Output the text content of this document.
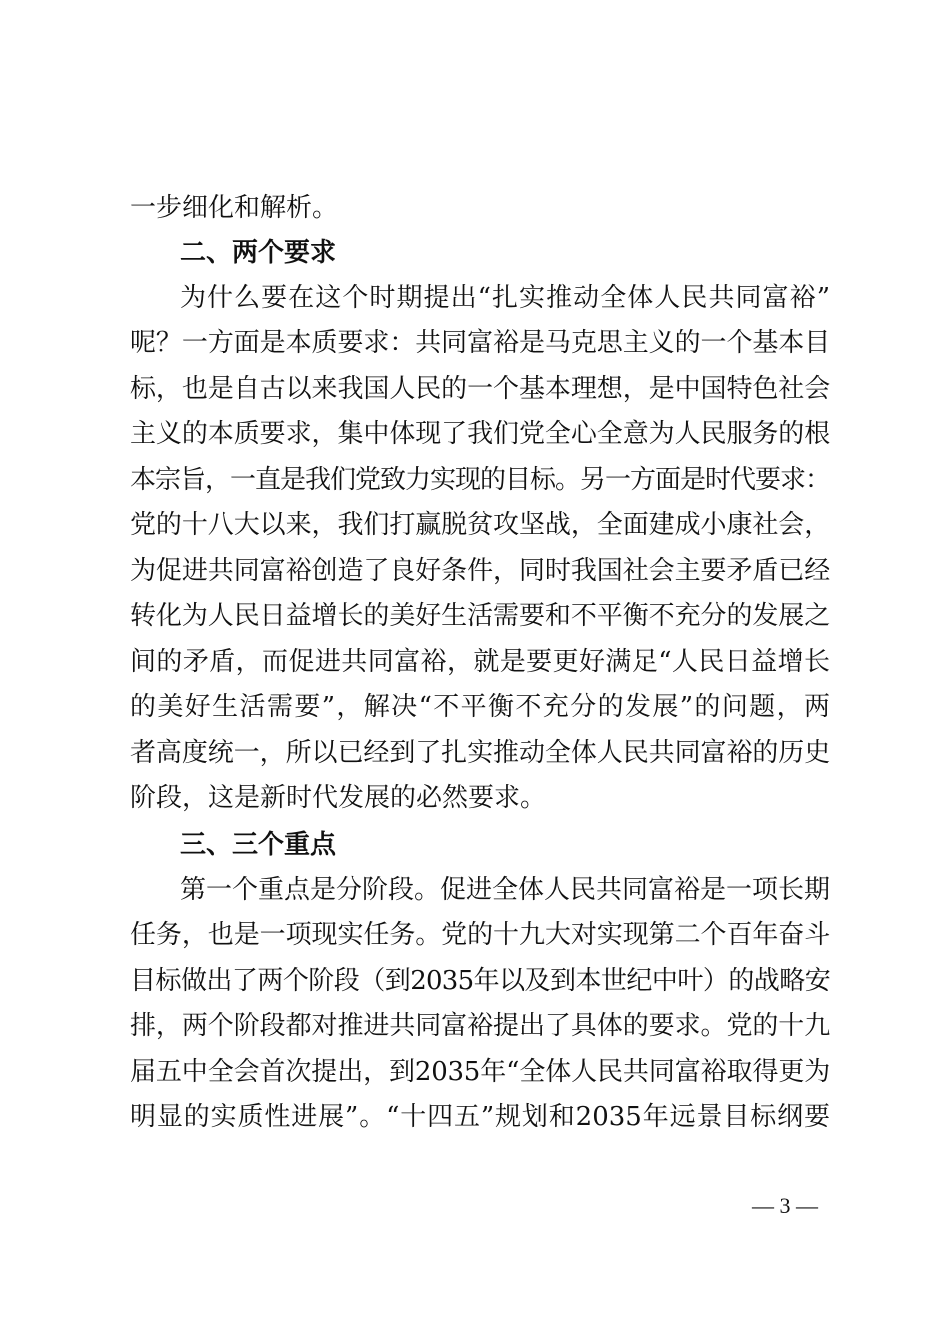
一步细化和解析。
二、两个要求
为什么要在这个时期提出“扎实推动全体人民共同富裕”
呢？一方面是本质要求：共同富裕是马克思主义的一个基本目
标，也是自古以来我国人民的一个基本理想，是中国特色社会
主义的本质要求，集中体现了我们党全心全意为人民服务的根
本宗旨，一直是我们党致力实现的目标。另一方面是时代要求：
党的十八大以来，我们打赢脱贫攻坚战，全面建成小康社会，
为促进共同富裕创造了良好条件，同时我国社会主要矛盾已经
转化为人民日益增长的美好生活需要和不平衡不充分的发展之
间的矛盾，而促进共同富裕，就是要更好满足“人民日益增长
的美好生活需要”，解决“不平衡不充分的发展”的问题，两
者高度统一，所以已经到了扎实推动全体人民共同富裕的历史
阶段，这是新时代发展的必然要求。
三、三个重点
第一个重点是分阶段。促进全体人民共同富裕是一项长期
任务，也是一项现实任务。党的十九大对实现第二个百年奋斗
目标做出了两个阶段（到2035年以及到本世纪中叶）的战略安
排，两个阶段都对推进共同富裕提出了具体的要求。党的十九
届五中全会首次提出，到2035年“全体人民共同富裕取得更为
明显的实质性进展”。“十四五”规划和2035年远景目标纲要
— 3 —
